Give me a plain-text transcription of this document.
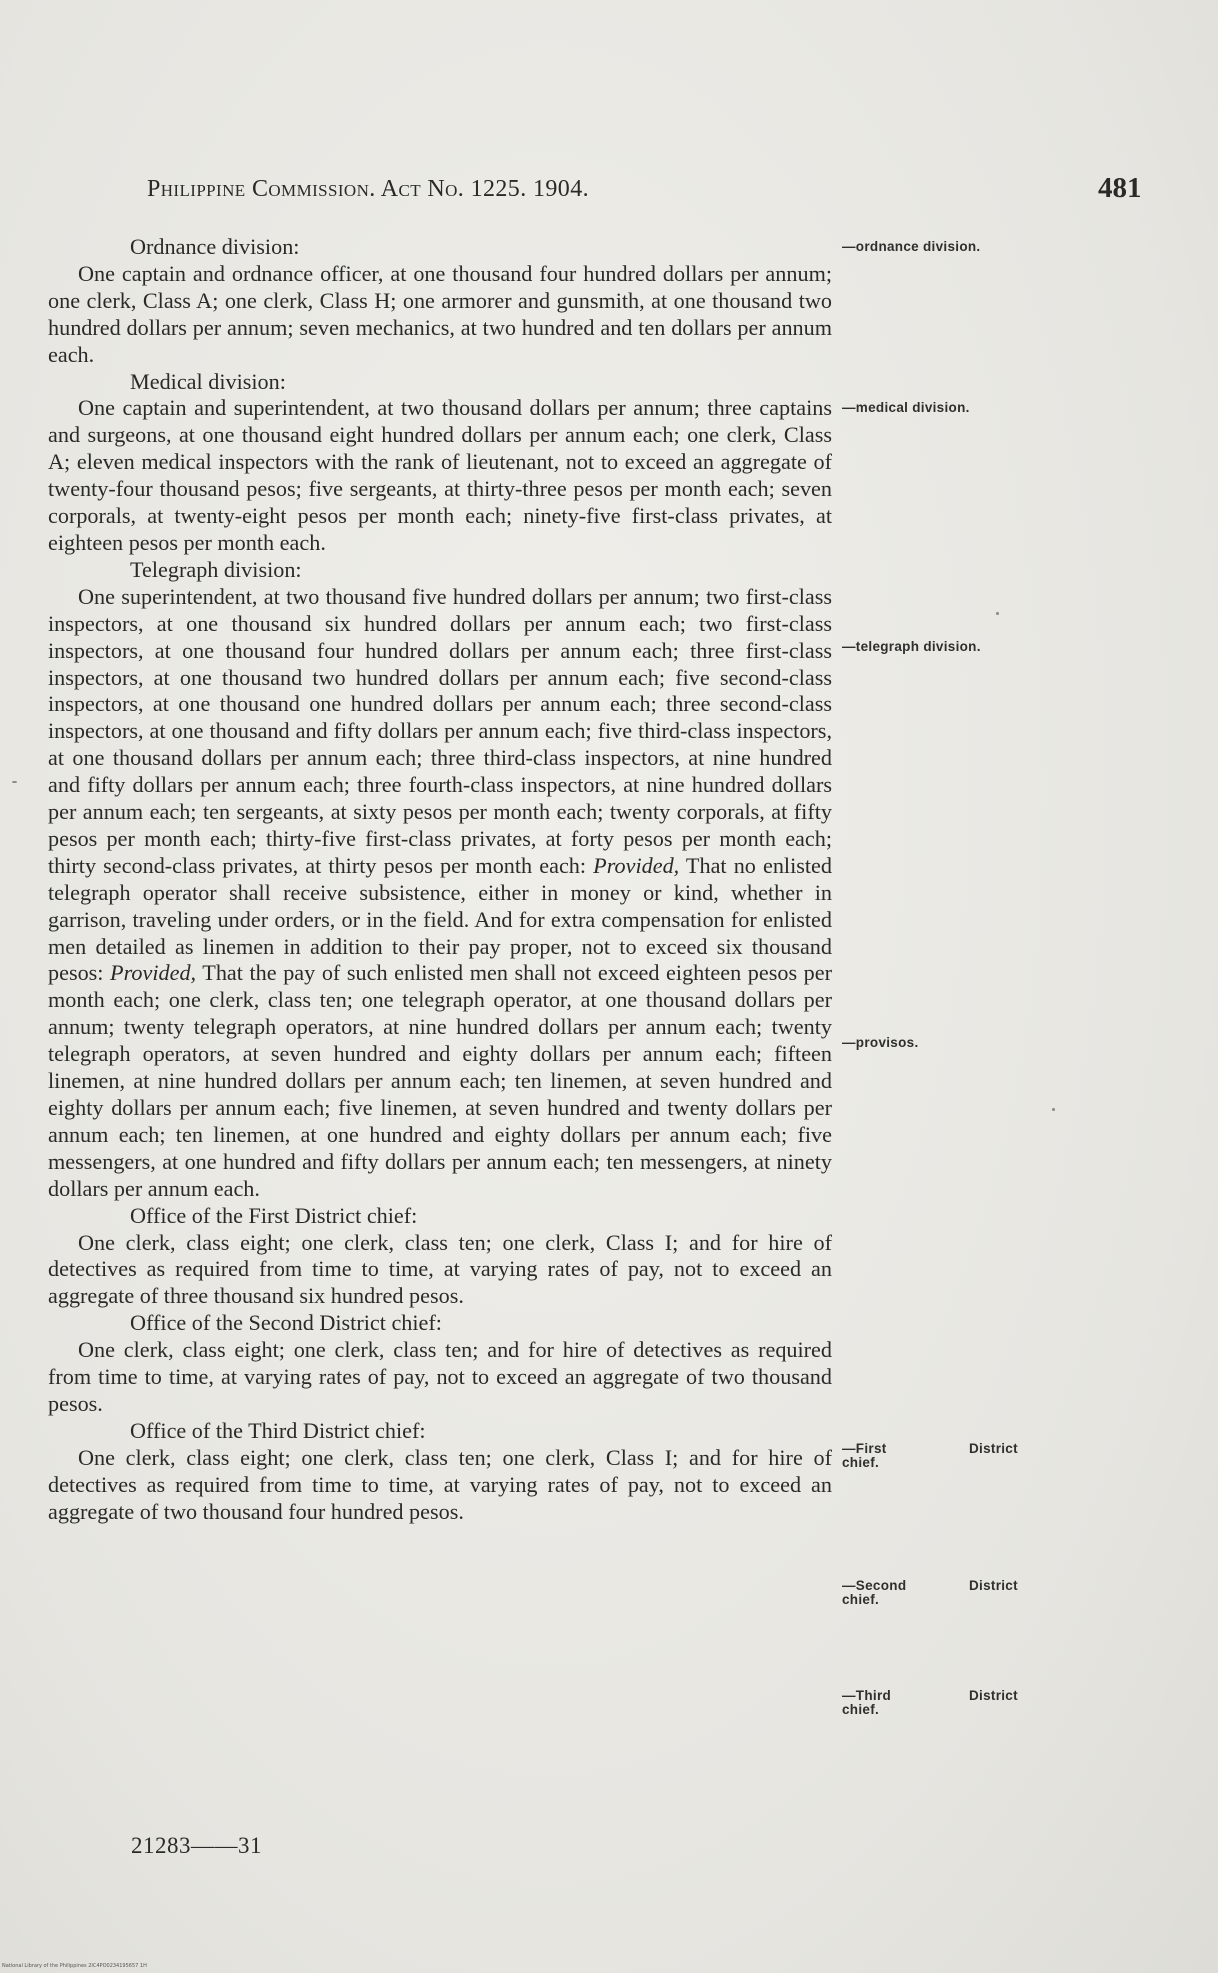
Philippine Commission. Act No. 1225. 1904.	481

Ordnance division:

One captain and ordnance officer, at one thousand four hundred dollars per annum; one clerk, Class A; one clerk, Class H; one armorer and gunsmith, at one thousand two hundred dollars per annum; seven mechanics, at two hundred and ten dollars per annum each.

Medical division:

One captain and superintendent, at two thousand dollars per annum; three captains and surgeons, at one thousand eight hundred dollars per annum each; one clerk, Class A; eleven medical inspectors with the rank of lieutenant, not to exceed an aggregate of twenty-four thousand pesos; five sergeants, at thirty-three pesos per month each; seven corporals, at twenty-eight pesos per month each; ninety-five first-class privates, at eighteen pesos per month each.

Telegraph division:

One superintendent, at two thousand five hundred dollars per annum; two first-class inspectors, at one thousand six hundred dollars per annum each; two first-class inspectors, at one thousand four hundred dollars per annum each; three first-class inspectors, at one thousand two hundred dollars per annum each; five second-class inspectors, at one thousand one hundred dollars per annum each; three second-class inspectors, at one thousand and fifty dollars per annum each; five third-class inspectors, at one thousand dollars per annum each; three third-class inspectors, at nine hundred and fifty dollars per annum each; three fourth-class inspectors, at nine hundred dollars per annum each; ten sergeants, at sixty pesos per month each; twenty corporals, at fifty pesos per month each; thirty-five first-class privates, at forty pesos per month each; thirty second-class privates, at thirty pesos per month each: Provided, That no enlisted telegraph operator shall receive subsistence, either in money or kind, whether in garrison, traveling under orders, or in the field. And for extra compensation for enlisted men detailed as linemen in addition to their pay proper, not to exceed six thousand pesos: Provided, That the pay of such enlisted men shall not exceed eighteen pesos per month each; one clerk, class ten; one telegraph operator, at one thousand dollars per annum; twenty telegraph operators, at nine hundred dollars per annum each; twenty telegraph operators, at seven hundred and eighty dollars per annum each; fifteen linemen, at nine hundred dollars per annum each; ten linemen, at seven hundred and eighty dollars per annum each; five linemen, at seven hundred and twenty dollars per annum each; ten linemen, at one hundred and eighty dollars per annum each; five messengers, at one hundred and fifty dollars per annum each; ten messengers, at ninety dollars per annum each.

Office of the First District chief:

One clerk, class eight; one clerk, class ten; one clerk, Class I; and for hire of detectives as required from time to time, at varying rates of pay, not to exceed an aggregate of three thousand six hundred pesos.

Office of the Second District chief:

One clerk, class eight; one clerk, class ten; and for hire of detectives as required from time to time, at varying rates of pay, not to exceed an aggregate of two thousand pesos.

Office of the Third District chief:

One clerk, class eight; one clerk, class ten; one clerk, Class I; and for hire of detectives as required from time to time, at varying rates of pay, not to exceed an aggregate of two thousand four hundred pesos.

—ordnance division.
—medical division.
—telegraph division.
—provisos.
—First
chief.
District
—Second
chief.
District
—Third
chief.
District
21283——31
National Library of the Philippines 2IC4PO0234195657 1H
